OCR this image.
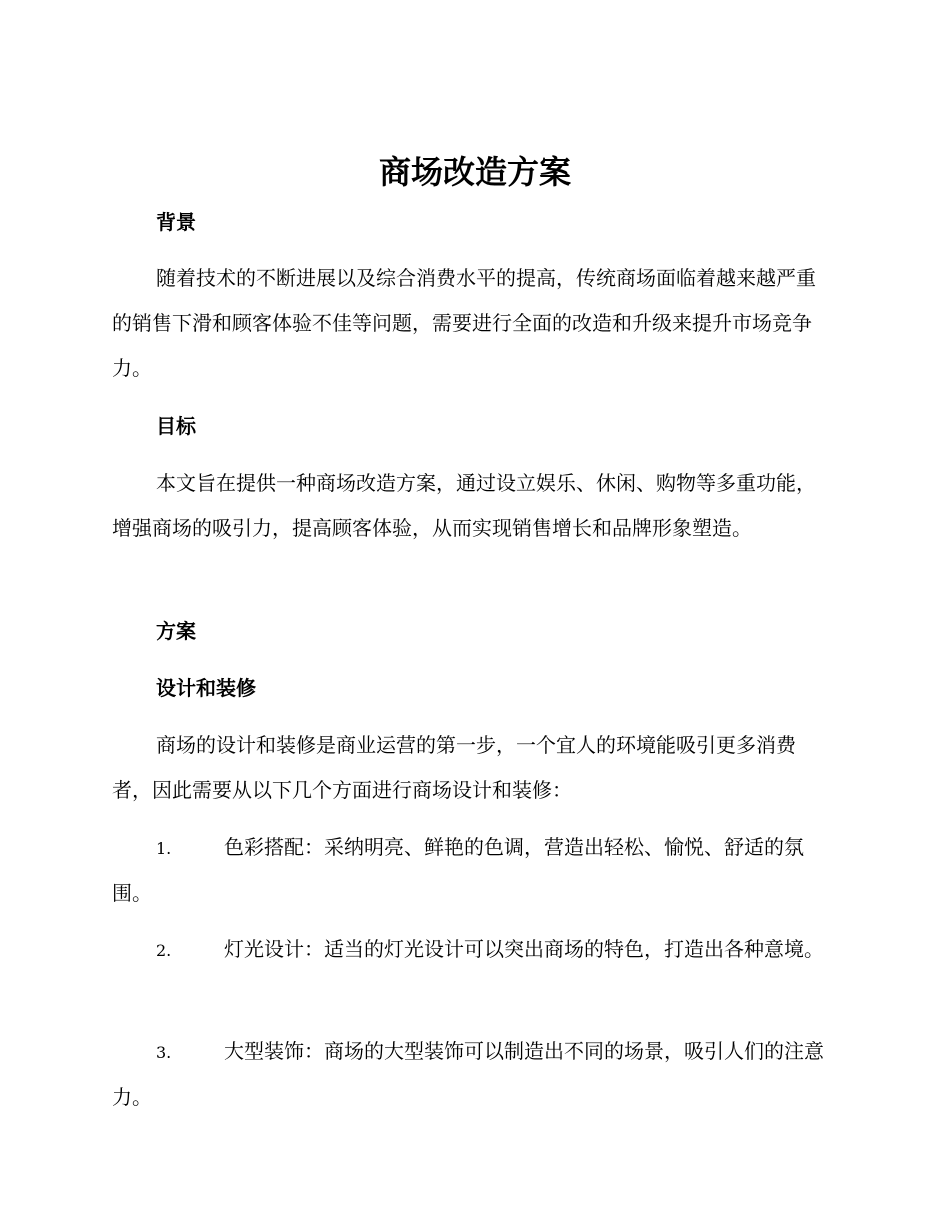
商场改造方案
背景

随着技术的不断进展以及综合消费水平的提高，传统商场面临着越来越严重的销售下滑和顾客体验不佳等问题，需要进行全面的改造和升级来提升市场竞争力。

目标

本文旨在提供一种商场改造方案，通过设立娱乐、休闲、购物等多重功能，增强商场的吸引力，提高顾客体验，从而实现销售增长和品牌形象塑造。

方案
设计和装修

商场的设计和装修是商业运营的第一步，一个宜人的环境能吸引更多消费者，因此需要从以下几个方面进行商场设计和装修：

1.	色彩搭配：采纳明亮、鲜艳的色调，营造出轻松、愉悦、舒适的氛围。

2.	灯光设计：适当的灯光设计可以突出商场的特色，打造出各种意境。

3.	大型装饰：商场的大型装饰可以制造出不同的场景，吸引人们的注意力。
